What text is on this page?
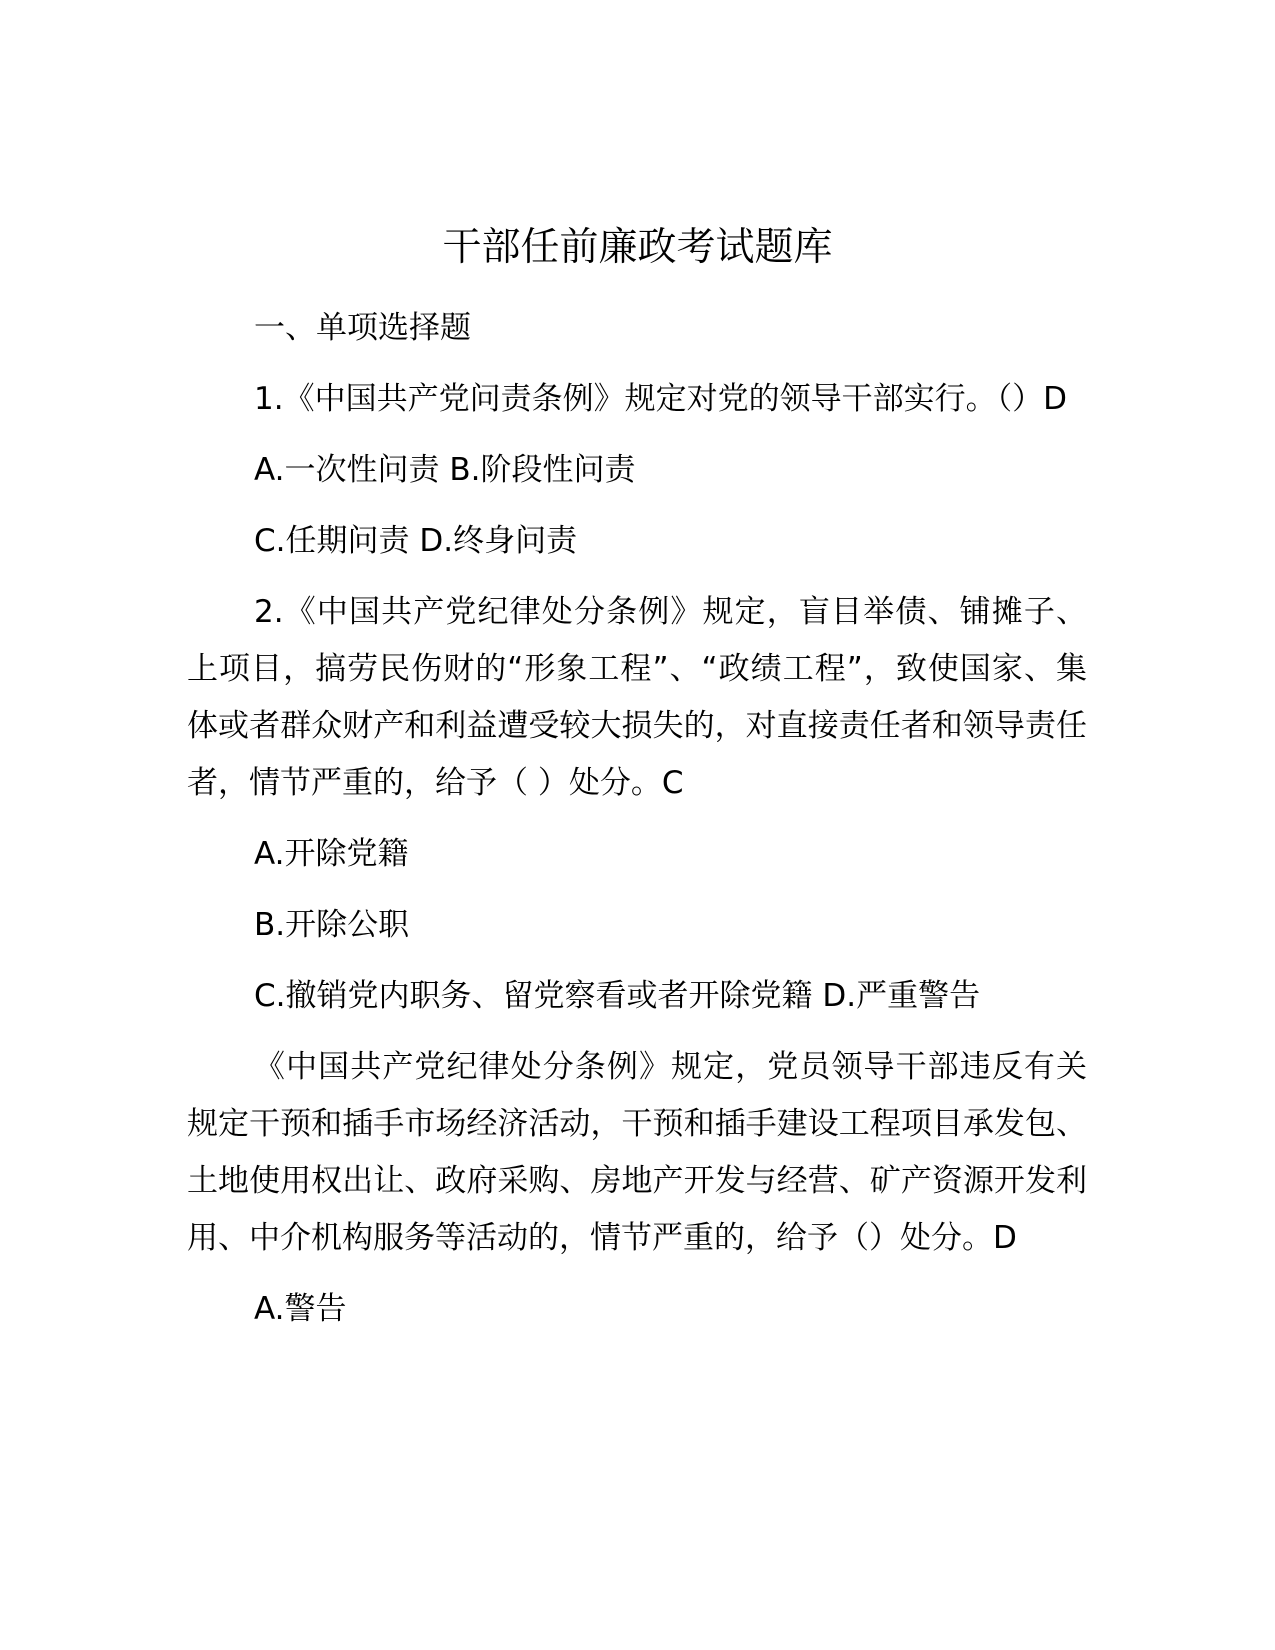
干部任前廉政考试题库

一、单项选择题

1.《中国共产党问责条例》规定对党的领导干部实行。（）D

A.一次性问责 B.阶段性问责

C.任期问责 D.终身问责

2.《中国共产党纪律处分条例》规定，盲目举债、铺摊子、上项目，搞劳民伤财的“形象工程”、“政绩工程”，致使国家、集体或者群众财产和利益遭受较大损失的，对直接责任者和领导责任者，情节严重的，给予（ ）处分。C

A.开除党籍

B.开除公职

C.撤销党内职务、留党察看或者开除党籍 D.严重警告

《中国共产党纪律处分条例》规定，党员领导干部违反有关规定干预和插手市场经济活动，干预和插手建设工程项目承发包、土地使用权出让、政府采购、房地产开发与经营、矿产资源开发利用、中介机构服务等活动的，情节严重的，给予（）处分。D

A.警告
